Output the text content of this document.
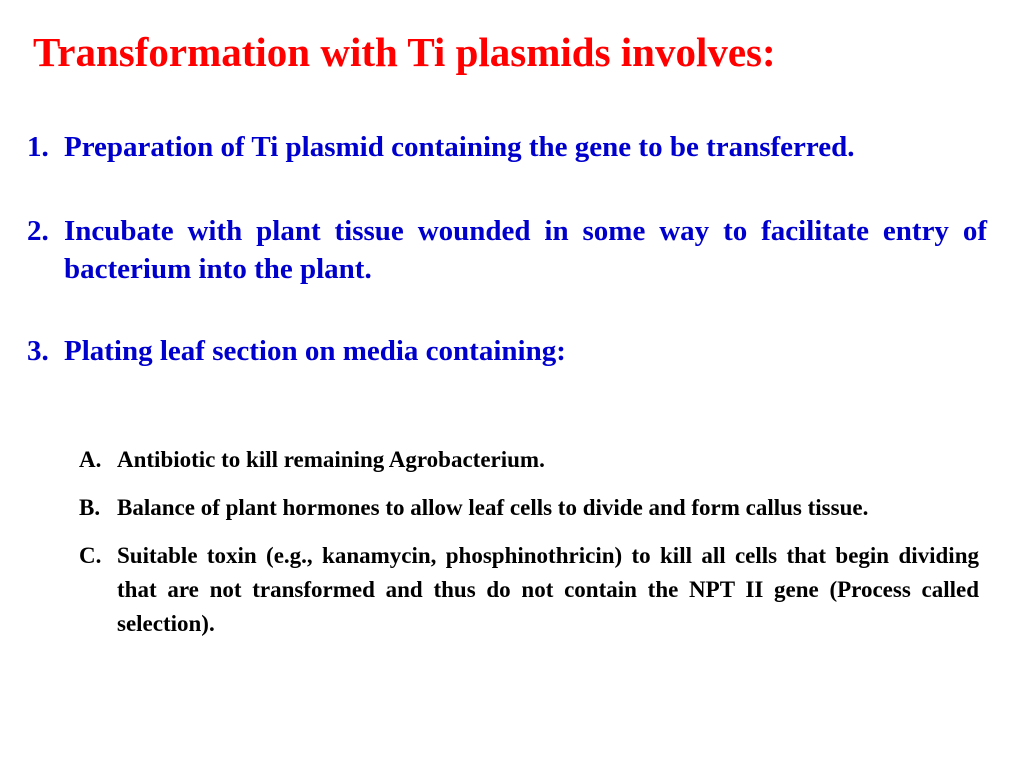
Transformation with Ti plasmids involves:
1. Preparation of Ti plasmid containing the gene to be transferred.
2. Incubate with plant tissue wounded in some way to facilitate entry of bacterium into the plant.
3. Plating leaf section on media containing:
A. Antibiotic to kill remaining Agrobacterium.
B. Balance of plant hormones to allow leaf cells to divide and form callus tissue.
C. Suitable toxin (e.g., kanamycin, phosphinothricin) to kill all cells that begin dividing that are not transformed and thus do not contain the NPT II gene (Process called selection).
